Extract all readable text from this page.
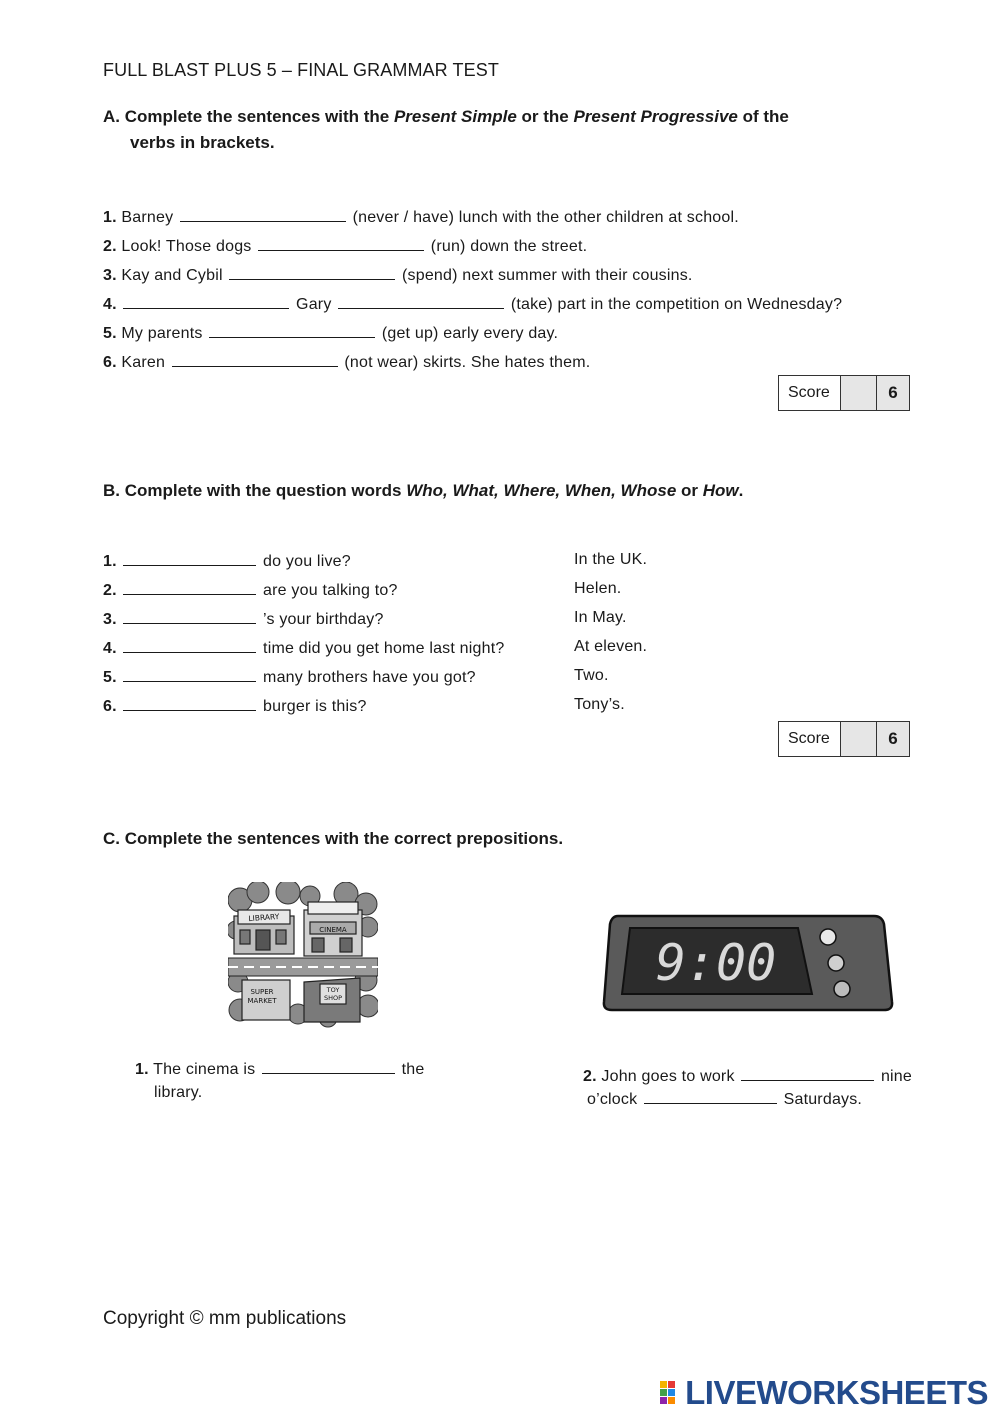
FULL BLAST PLUS 5 – FINAL GRAMMAR TEST
A. Complete the sentences with the Present Simple or the Present Progressive of the
verbs in brackets.
1. Barney	(never / have) lunch with the other children at school.
2. Look! Those dogs	(run) down the street.
3. Kay and Cybil	(spend) next summer with their cousins.
4.	Gary	(take) part in the competition on Wednesday?
5. My parents	(get up) early every day.
6. Karen	(not wear) skirts. She hates them.
Score	6
B. Complete with the question words Who, What, Where, When, Whose or How.
1.	do you live?	In the UK.
2.	are you talking to?	Helen.
3.	’s your birthday?	In May.
4.	time did you get home last night?	At eleven.
5.	many brothers have you got?	Two.
6.	burger is this?	Tony’s.
Score	6
C. Complete the sentences with the correct prepositions.
LIBRARY
CINEMA
SUPER
MARKET
TOY
SHOP
9:00
1. The cinema is	the
library.
2. John goes to work	nine
o’clock	Saturdays.
Copyright © mm publications
LIVEWORKSHEETS
